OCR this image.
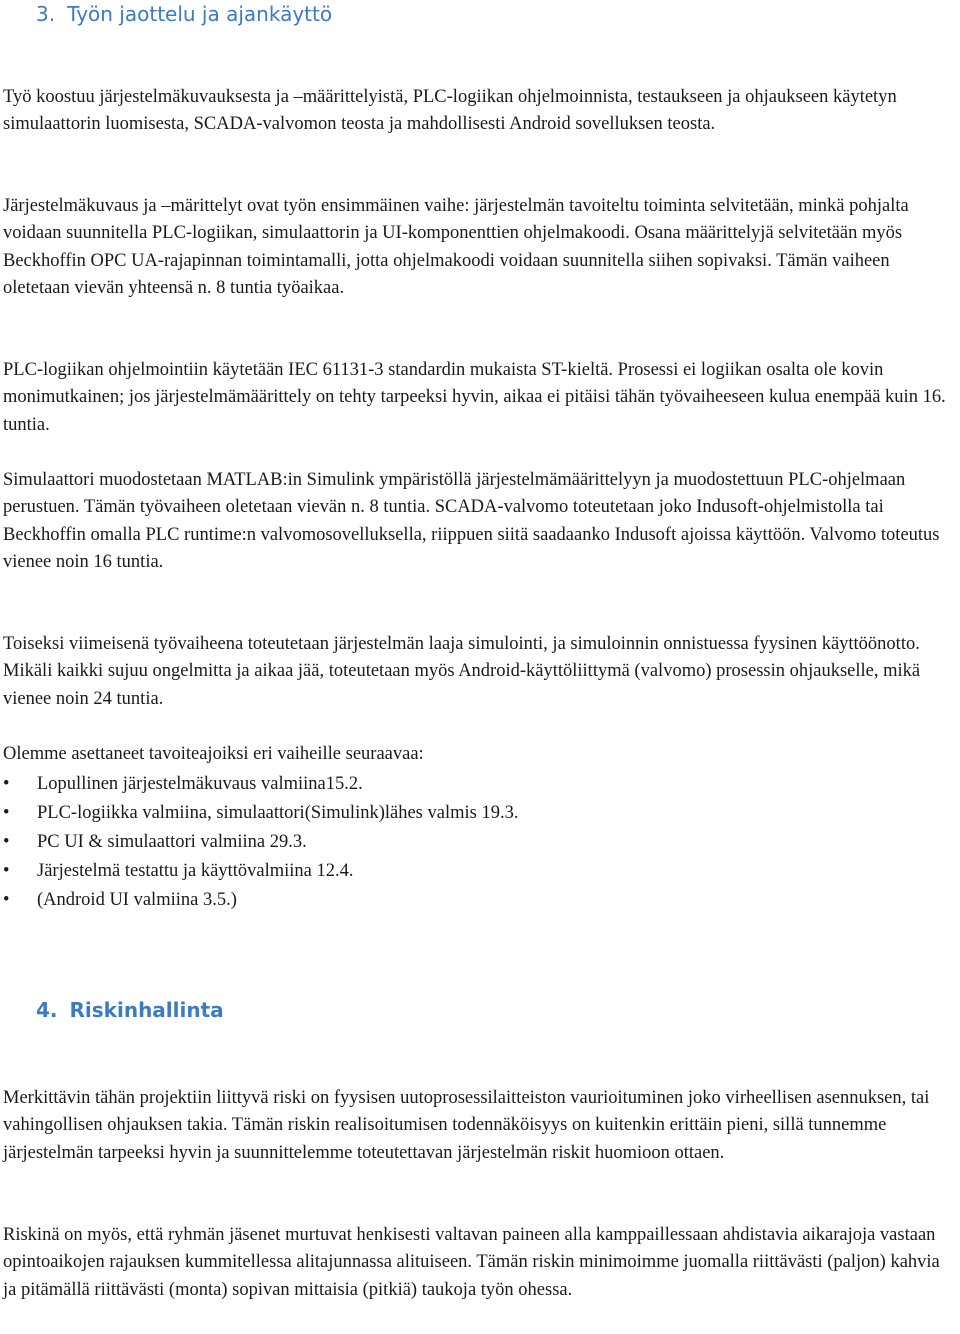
3. Työn jaottelu ja ajankäyttö

Työ koostuu järjestelmäkuvauksesta ja –määrittelyistä, PLC-logiikan ohjelmoinnista, testaukseen ja ohjaukseen käytetyn simulaattorin luomisesta, SCADA-valvomon teosta ja mahdollisesti Android sovelluksen teosta.

Järjestelmäkuvaus ja –märittelyt ovat työn ensimmäinen vaihe: järjestelmän tavoiteltu toiminta selvitetään, minkä pohjalta voidaan suunnitella PLC-logiikan, simulaattorin ja UI-komponenttien ohjelmakoodi. Osana määrittelyjä selvitetään myös Beckhoffin OPC UA-rajapinnan toimintamalli, jotta ohjelmakoodi voidaan suunnitella siihen sopivaksi. Tämän vaiheen oletetaan vievän yhteensä n. 8 tuntia työaikaa.

PLC-logiikan ohjelmointiin käytetään IEC 61131-3 standardin mukaista ST-kieltä. Prosessi ei logiikan osalta ole kovin monimutkainen; jos järjestelmämäärittely on tehty tarpeeksi hyvin, aikaa ei pitäisi tähän työvaiheeseen kulua enempää kuin 16. tuntia.

Simulaattori muodostetaan MATLAB:in Simulink ympäristöllä järjestelmämäärittelyyn ja muodostettuun PLC-ohjelmaan perustuen. Tämän työvaiheen oletetaan vievän n. 8 tuntia. SCADA-valvomo toteutetaan joko Indusoft-ohjelmistolla tai Beckhoffin omalla PLC runtime:n valvomosovelluksella, riippuen siitä saadaanko Indusoft ajoissa käyttöön. Valvomo toteutus vienee noin 16 tuntia.

Toiseksi viimeisenä työvaiheena toteutetaan järjestelmän laaja simulointi, ja simuloinnin onnistuessa fyysinen käyttöönotto. Mikäli kaikki sujuu ongelmitta ja aikaa jää, toteutetaan myös Android-käyttöliittymä (valvomo) prosessin ohjaukselle, mikä vienee noin 24 tuntia.

Olemme asettaneet tavoiteajoiksi eri vaiheille seuraavaa:

•	Lopullinen järjestelmäkuvaus valmiina15.2.
•	PLC-logiikka valmiina, simulaattori(Simulink)lähes valmis 19.3.
•	PC UI & simulaattori valmiina 29.3.
•	Järjestelmä testattu ja käyttövalmiina 12.4.
•	(Android UI valmiina 3.5.)
4. Riskinhallinta

Merkittävin tähän projektiin liittyvä riski on fyysisen uutoprosessilaitteiston vaurioituminen joko virheellisen asennuksen, tai vahingollisen ohjauksen takia. Tämän riskin realisoitumisen todennäköisyys on kuitenkin erittäin pieni, sillä tunnemme järjestelmän tarpeeksi hyvin ja suunnittelemme toteutettavan järjestelmän riskit huomioon ottaen.

Riskinä on myös, että ryhmän jäsenet murtuvat henkisesti valtavan paineen alla kamppaillessaan ahdistavia aikarajoja vastaan opintoaikojen rajauksen kummitellessa alitajunnassa alituiseen. Tämän riskin minimoimme juomalla riittävästi (paljon) kahvia ja pitämällä riittävästi (monta) sopivan mittaisia (pitkiä) taukoja työn ohessa.
